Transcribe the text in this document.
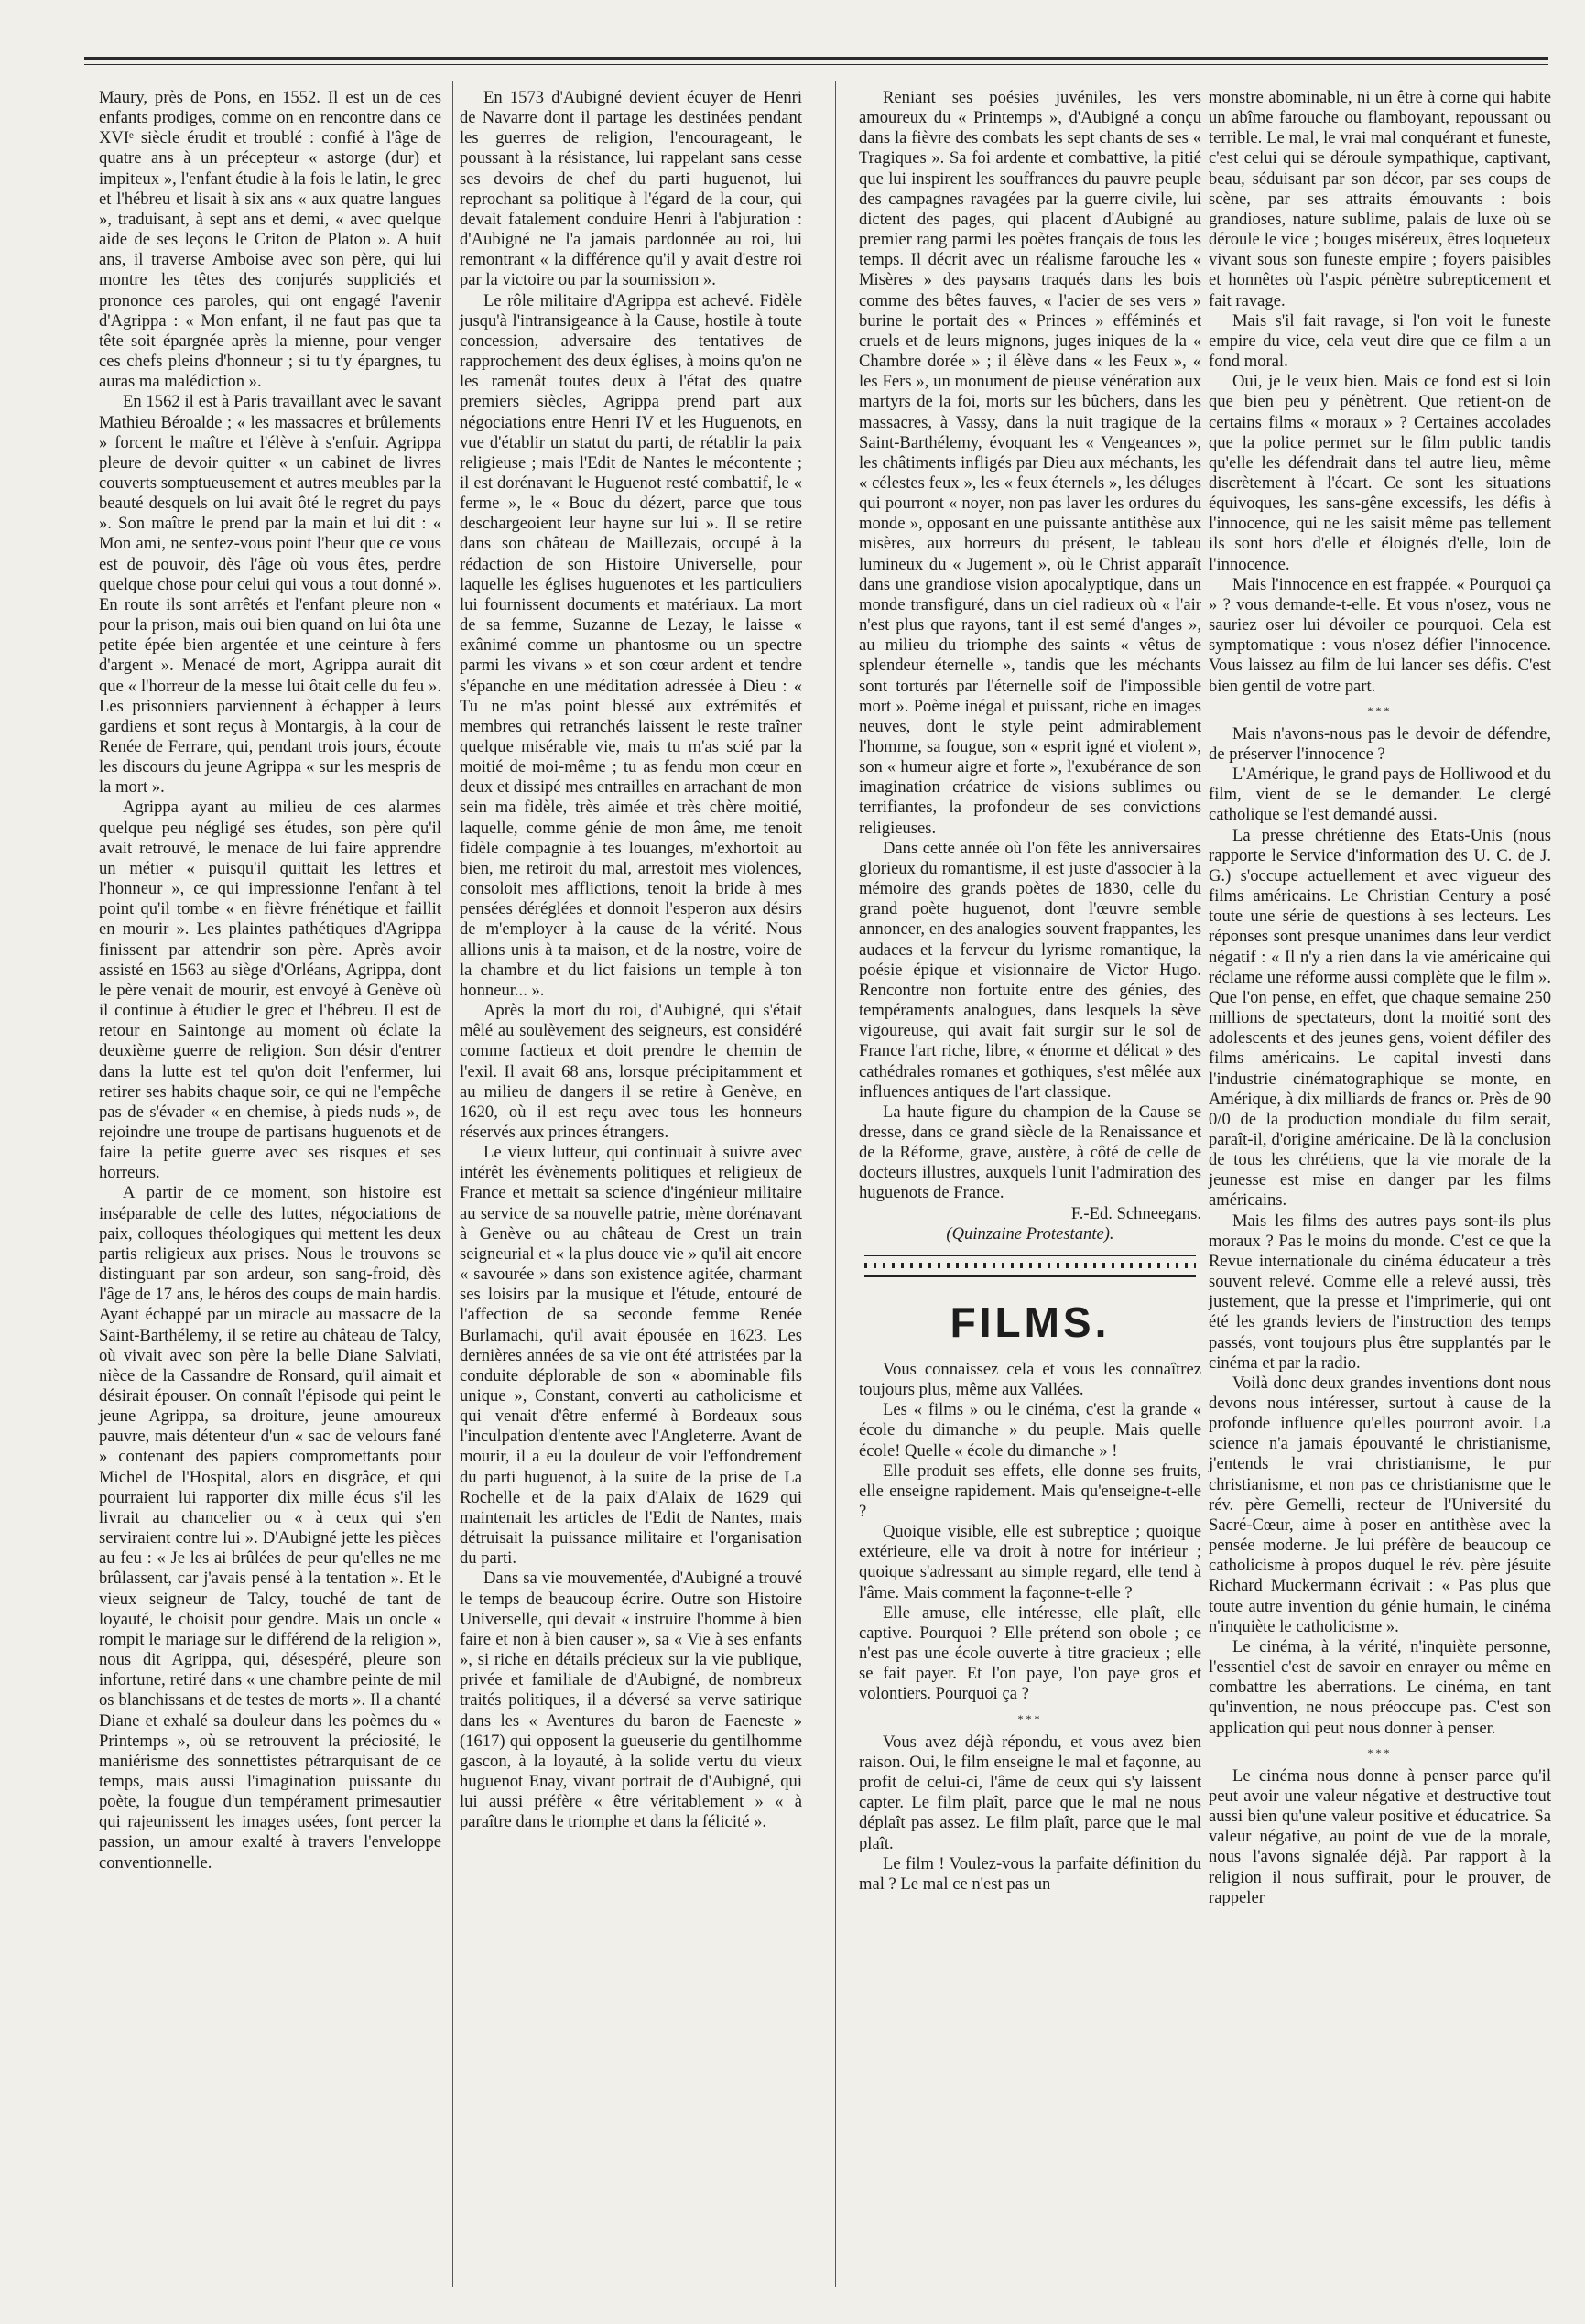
Maury, près de Pons, en 1552. Il est un de ces enfants prodiges, comme on en rencontre dans ce XVIᵉ siècle érudit et troublé : confié à l'âge de quatre ans à un précepteur « astorge (dur) et impiteux », l'enfant étudie à la fois le latin, le grec et l'hébreu et lisait à six ans « aux quatre langues », traduisant, à sept ans et demi, « avec quelque aide de ses leçons le Criton de Platon ». A huit ans, il traverse Amboise avec son père, qui lui montre les têtes des conjurés suppliciés et prononce ces paroles, qui ont engagé l'avenir d'Agrippa : « Mon enfant, il ne faut pas que ta tête soit épargnée après la mienne, pour venger ces chefs pleins d'honneur ; si tu t'y épargnes, tu auras ma malédiction ».

En 1562 il est à Paris travaillant avec le savant Mathieu Béroalde ; « les massacres et brûlements » forcent le maître et l'élève à s'enfuir. Agrippa pleure de devoir quitter « un cabinet de livres couverts somptueusement et autres meubles par la beauté desquels on lui avait ôté le regret du pays ». Son maître le prend par la main et lui dit : « Mon ami, ne sentez-vous point l'heur que ce vous est de pouvoir, dès l'âge où vous êtes, perdre quelque chose pour celui qui vous a tout donné ». En route ils sont arrêtés et l'enfant pleure non « pour la prison, mais oui bien quand on lui ôta une petite épée bien argentée et une ceinture à fers d'argent ». Menacé de mort, Agrippa aurait dit que « l'horreur de la messe lui ôtait celle du feu ». Les prisonniers parviennent à échapper à leurs gardiens et sont reçus à Montargis, à la cour de Renée de Ferrare, qui, pendant trois jours, écoute les discours du jeune Agrippa « sur les mespris de la mort ».

Agrippa ayant au milieu de ces alarmes quelque peu négligé ses études, son père qu'il avait retrouvé, le menace de lui faire apprendre un métier « puisqu'il quittait les lettres et l'honneur », ce qui impressionne l'enfant à tel point qu'il tombe « en fièvre frénétique et faillit en mourir ». Les plaintes pathétiques d'Agrippa finissent par attendrir son père. Après avoir assisté en 1563 au siège d'Orléans, Agrippa, dont le père venait de mourir, est envoyé à Genève où il continue à étudier le grec et l'hébreu. Il est de retour en Saintonge au moment où éclate la deuxième guerre de religion. Son désir d'entrer dans la lutte est tel qu'on doit l'enfermer, lui retirer ses habits chaque soir, ce qui ne l'empêche pas de s'évader « en chemise, à pieds nuds », de rejoindre une troupe de partisans huguenots et de faire la petite guerre avec ses risques et ses horreurs.

A partir de ce moment, son histoire est inséparable de celle des luttes, négociations de paix, colloques théologiques qui mettent les deux partis religieux aux prises. Nous le trouvons se distinguant par son ardeur, son sang-froid, dès l'âge de 17 ans, le héros des coups de main hardis. Ayant échappé par un miracle au massacre de la Saint-Barthélemy, il se retire au château de Talcy, où vivait avec son père la belle Diane Salviati, nièce de la Cassandre de Ronsard, qu'il aimait et désirait épouser. On connaît l'épisode qui peint le jeune Agrippa, sa droiture, jeune amoureux pauvre, mais détenteur d'un « sac de velours fané » contenant des papiers compromettants pour Michel de l'Hospital, alors en disgrâce, et qui pourraient lui rapporter dix mille écus s'il les livrait au chancelier ou « à ceux qui s'en serviraient contre lui ». D'Aubigné jette les pièces au feu : « Je les ai brûlées de peur qu'elles ne me brûlassent, car j'avais pensé à la tentation ». Et le vieux seigneur de Talcy, touché de tant de loyauté, le choisit pour gendre. Mais un oncle « rompit le mariage sur le différend de la religion », nous dit Agrippa, qui, désespéré, pleure son infortune, retiré dans « une chambre peinte de mil os blanchissans et de testes de morts ». Il a chanté Diane et exhalé sa douleur dans les poèmes du « Printemps », où se retrouvent la préciosité, le maniérisme des sonnettistes pétrarquisant de ce temps, mais aussi l'imagination puissante du poète, la fougue d'un tempérament primesautier qui rajeunissent les images usées, font percer la passion, un amour exalté à travers l'enveloppe conventionnelle.

En 1573 d'Aubigné devient écuyer de Henri de Navarre dont il partage les destinées pendant les guerres de religion, l'encourageant, le poussant à la résistance, lui rappelant sans cesse ses devoirs de chef du parti huguenot, lui reprochant sa politique à l'égard de la cour, qui devait fatalement conduire Henri à l'abjuration : d'Aubigné ne l'a jamais pardonnée au roi, lui remontrant « la différence qu'il y avait d'estre roi par la victoire ou par la soumission ».

Le rôle militaire d'Agrippa est achevé. Fidèle jusqu'à l'intransigeance à la Cause, hostile à toute concession, adversaire des tentatives de rapprochement des deux églises, à moins qu'on ne les ramenât toutes deux à l'état des quatre premiers siècles, Agrippa prend part aux négociations entre Henri IV et les Huguenots, en vue d'établir un statut du parti, de rétablir la paix religieuse ; mais l'Edit de Nantes le mécontente ; il est dorénavant le Huguenot resté combattif, le « ferme », le « Bouc du dézert, parce que tous deschargeoient leur hayne sur lui ». Il se retire dans son château de Maillezais, occupé à la rédaction de son Histoire Universelle, pour laquelle les églises huguenotes et les particuliers lui fournissent documents et matériaux. La mort de sa femme, Suzanne de Lezay, le laisse « exânimé comme un phantosme ou un spectre parmi les vivans » et son cœur ardent et tendre s'épanche en une méditation adressée à Dieu : « Tu ne m'as point blessé aux extrémités et membres qui retranchés laissent le reste traîner quelque misérable vie, mais tu m'as scié par la moitié de moi-même ; tu as fendu mon cœur en deux et dissipé mes entrailles en arrachant de mon sein ma fidèle, très aimée et très chère moitié, laquelle, comme génie de mon âme, me tenoit fidèle compagnie à tes louanges, m'exhortoit au bien, me retiroit du mal, arrestoit mes violences, consoloit mes afflictions, tenoit la bride à mes pensées déréglées et donnoit l'esperon aux désirs de m'employer à la cause de la vérité. Nous allions unis à ta maison, et de la nostre, voire de la chambre et du lict faisions un temple à ton honneur... ».

Après la mort du roi, d'Aubigné, qui s'était mêlé au soulèvement des seigneurs, est considéré comme factieux et doit prendre le chemin de l'exil. Il avait 68 ans, lorsque précipitamment et au milieu de dangers il se retire à Genève, en 1620, où il est reçu avec tous les honneurs réservés aux princes étrangers.

Le vieux lutteur, qui continuait à suivre avec intérêt les évènements politiques et religieux de France et mettait sa science d'ingénieur militaire au service de sa nouvelle patrie, mène dorénavant à Genève ou au château de Crest un train seigneurial et « la plus douce vie » qu'il ait encore « savourée » dans son existence agitée, charmant ses loisirs par la musique et l'étude, entouré de l'affection de sa seconde femme Renée Burlamachi, qu'il avait épousée en 1623. Les dernières années de sa vie ont été attristées par la conduite déplorable de son « abominable fils unique », Constant, converti au catholicisme et qui venait d'être enfermé à Bordeaux sous l'inculpation d'entente avec l'Angleterre. Avant de mourir, il a eu la douleur de voir l'effondrement du parti huguenot, à la suite de la prise de La Rochelle et de la paix d'Alaix de 1629 qui maintenait les articles de l'Edit de Nantes, mais détruisait la puissance militaire et l'organisation du parti.

Dans sa vie mouvementée, d'Aubigné a trouvé le temps de beaucoup écrire. Outre son Histoire Universelle, qui devait « instruire l'homme à bien faire et non à bien causer », sa « Vie à ses enfants », si riche en détails précieux sur la vie publique, privée et familiale de d'Aubigné, de nombreux traités politiques, il a déversé sa verve satirique dans les « Aventures du baron de Faeneste » (1617) qui opposent la gueuserie du gentilhomme gascon, à la loyauté, à la solide vertu du vieux huguenot Enay, vivant portrait de d'Aubigné, qui lui aussi préfère « être véritablement » « à paraître dans le triomphe et dans la félicité ».

Reniant ses poésies juvéniles, les vers amoureux du « Printemps », d'Aubigné a conçu dans la fièvre des combats les sept chants de ses « Tragiques ». Sa foi ardente et combattive, la pitié que lui inspirent les souffrances du pauvre peuple des campagnes ravagées par la guerre civile, lui dictent des pages, qui placent d'Aubigné au premier rang parmi les poètes français de tous les temps. Il décrit avec un réalisme farouche les « Misères » des paysans traqués dans les bois comme des bêtes fauves, « l'acier de ses vers » burine le portait des « Princes » efféminés et cruels et de leurs mignons, juges iniques de la « Chambre dorée » ; il élève dans « les Feux », « les Fers », un monument de pieuse vénération aux martyrs de la foi, morts sur les bûchers, dans les massacres, à Vassy, dans la nuit tragique de la Saint-Barthélemy, évoquant les « Vengeances », les châtiments infligés par Dieu aux méchants, les « célestes feux », les « feux éternels », les déluges qui pourront « noyer, non pas laver les ordures du monde », opposant en une puissante antithèse aux misères, aux horreurs du présent, le tableau lumineux du « Jugement », où le Christ apparaît dans une grandiose vision apocalyptique, dans un monde transfiguré, dans un ciel radieux où « l'air n'est plus que rayons, tant il est semé d'anges », au milieu du triomphe des saints « vêtus de splendeur éternelle », tandis que les méchants sont torturés par l'éternelle soif de l'impossible mort ». Poème inégal et puissant, riche en images neuves, dont le style peint admirablement l'homme, sa fougue, son « esprit igné et violent », son « humeur aigre et forte », l'exubérance de son imagination créatrice de visions sublimes ou terrifiantes, la profondeur de ses convictions religieuses.

Dans cette année où l'on fête les anniversaires glorieux du romantisme, il est juste d'associer à la mémoire des grands poètes de 1830, celle du grand poète huguenot, dont l'œuvre semble annoncer, en des analogies souvent frappantes, les audaces et la ferveur du lyrisme romantique, la poésie épique et visionnaire de Victor Hugo. Rencontre non fortuite entre des génies, des tempéraments analogues, dans lesquels la sève vigoureuse, qui avait fait surgir sur le sol de France l'art riche, libre, « énorme et délicat » des cathédrales romanes et gothiques, s'est mêlée aux influences antiques de l'art classique.

La haute figure du champion de la Cause se dresse, dans ce grand siècle de la Renaissance et de la Réforme, grave, austère, à côté de celle de docteurs illustres, auxquels l'unit l'admiration des huguenots de France.

F.-Ed. Schneegans.

(Quinzaine Protestante).

FILMS.

Vous connaissez cela et vous les connaîtrez toujours plus, même aux Vallées.

Les « films » ou le cinéma, c'est la grande « école du dimanche » du peuple. Mais quelle école! Quelle « école du dimanche » !

Elle produit ses effets, elle donne ses fruits, elle enseigne rapidement. Mais qu'enseigne-t-elle ?

Quoique visible, elle est subreptice ; quoique extérieure, elle va droit à notre for intérieur ; quoique s'adressant au simple regard, elle tend à l'âme. Mais comment la façonne-t-elle ?

Elle amuse, elle intéresse, elle plaît, elle captive. Pourquoi ? Elle prétend son obole ; ce n'est pas une école ouverte à titre gracieux ; elle se fait payer. Et l'on paye, l'on paye gros et volontiers. Pourquoi ça ?

***

Vous avez déjà répondu, et vous avez bien raison. Oui, le film enseigne le mal et façonne, au profit de celui-ci, l'âme de ceux qui s'y laissent capter. Le film plaît, parce que le mal ne nous déplaît pas assez. Le film plaît, parce que le mal plaît.

Le film ! Voulez-vous la parfaite définition du mal ? Le mal ce n'est pas un

monstre abominable, ni un être à corne qui habite un abîme farouche ou flamboyant, repoussant ou terrible. Le mal, le vrai mal conquérant et funeste, c'est celui qui se déroule sympathique, captivant, beau, séduisant par son décor, par ses coups de scène, par ses attraits émouvants : bois grandioses, nature sublime, palais de luxe où se déroule le vice ; bouges miséreux, êtres loqueteux vivant sous son funeste empire ; foyers paisibles et honnêtes où l'aspic pénètre subrepticement et fait ravage.

Mais s'il fait ravage, si l'on voit le funeste empire du vice, cela veut dire que ce film a un fond moral.

Oui, je le veux bien. Mais ce fond est si loin que bien peu y pénètrent. Que retient-on de certains films « moraux » ? Certaines accolades que la police permet sur le film public tandis qu'elle les défendrait dans tel autre lieu, même discrètement à l'écart. Ce sont les situations équivoques, les sans-gêne excessifs, les défis à l'innocence, qui ne les saisit même pas tellement ils sont hors d'elle et éloignés d'elle, loin de l'innocence.

Mais l'innocence en est frappée. « Pourquoi ça » ? vous demande-t-elle. Et vous n'osez, vous ne sauriez oser lui dévoiler ce pourquoi. Cela est symptomatique : vous n'osez défier l'innocence. Vous laissez au film de lui lancer ses défis. C'est bien gentil de votre part.

***

Mais n'avons-nous pas le devoir de défendre, de préserver l'innocence ?

L'Amérique, le grand pays de Holliwood et du film, vient de se le demander. Le clergé catholique se l'est demandé aussi.

La presse chrétienne des Etats-Unis (nous rapporte le Service d'information des U. C. de J. G.) s'occupe actuellement et avec vigueur des films américains. Le Christian Century a posé toute une série de questions à ses lecteurs. Les réponses sont presque unanimes dans leur verdict négatif : « Il n'y a rien dans la vie américaine qui réclame une réforme aussi complète que le film ». Que l'on pense, en effet, que chaque semaine 250 millions de spectateurs, dont la moitié sont des adolescents et des jeunes gens, voient défiler des films américains. Le capital investi dans l'industrie cinématographique se monte, en Amérique, à dix milliards de francs or. Près de 90 0/0 de la production mondiale du film serait, paraît-il, d'origine américaine. De là la conclusion de tous les chrétiens, que la vie morale de la jeunesse est mise en danger par les films américains.

Mais les films des autres pays sont-ils plus moraux ? Pas le moins du monde. C'est ce que la Revue internationale du cinéma éducateur a très souvent relevé. Comme elle a relevé aussi, très justement, que la presse et l'imprimerie, qui ont été les grands leviers de l'instruction des temps passés, vont toujours plus être supplantés par le cinéma et par la radio.

Voilà donc deux grandes inventions dont nous devons nous intéresser, surtout à cause de la profonde influence qu'elles pourront avoir. La science n'a jamais épouvanté le christianisme, j'entends le vrai christianisme, le pur christianisme, et non pas ce christianisme que le rév. père Gemelli, recteur de l'Université du Sacré-Cœur, aime à poser en antithèse avec la pensée moderne. Je lui préfère de beaucoup ce catholicisme à propos duquel le rév. père jésuite Richard Muckermann écrivait : « Pas plus que toute autre invention du génie humain, le cinéma n'inquiète le catholicisme ».

Le cinéma, à la vérité, n'inquiète personne, l'essentiel c'est de savoir en enrayer ou même en combattre les aberrations. Le cinéma, en tant qu'invention, ne nous préoccupe pas. C'est son application qui peut nous donner à penser.

***

Le cinéma nous donne à penser parce qu'il peut avoir une valeur négative et destructive tout aussi bien qu'une valeur positive et éducatrice. Sa valeur négative, au point de vue de la morale, nous l'avons signalée déjà. Par rapport à la religion il nous suffirait, pour le prouver, de rappeler
